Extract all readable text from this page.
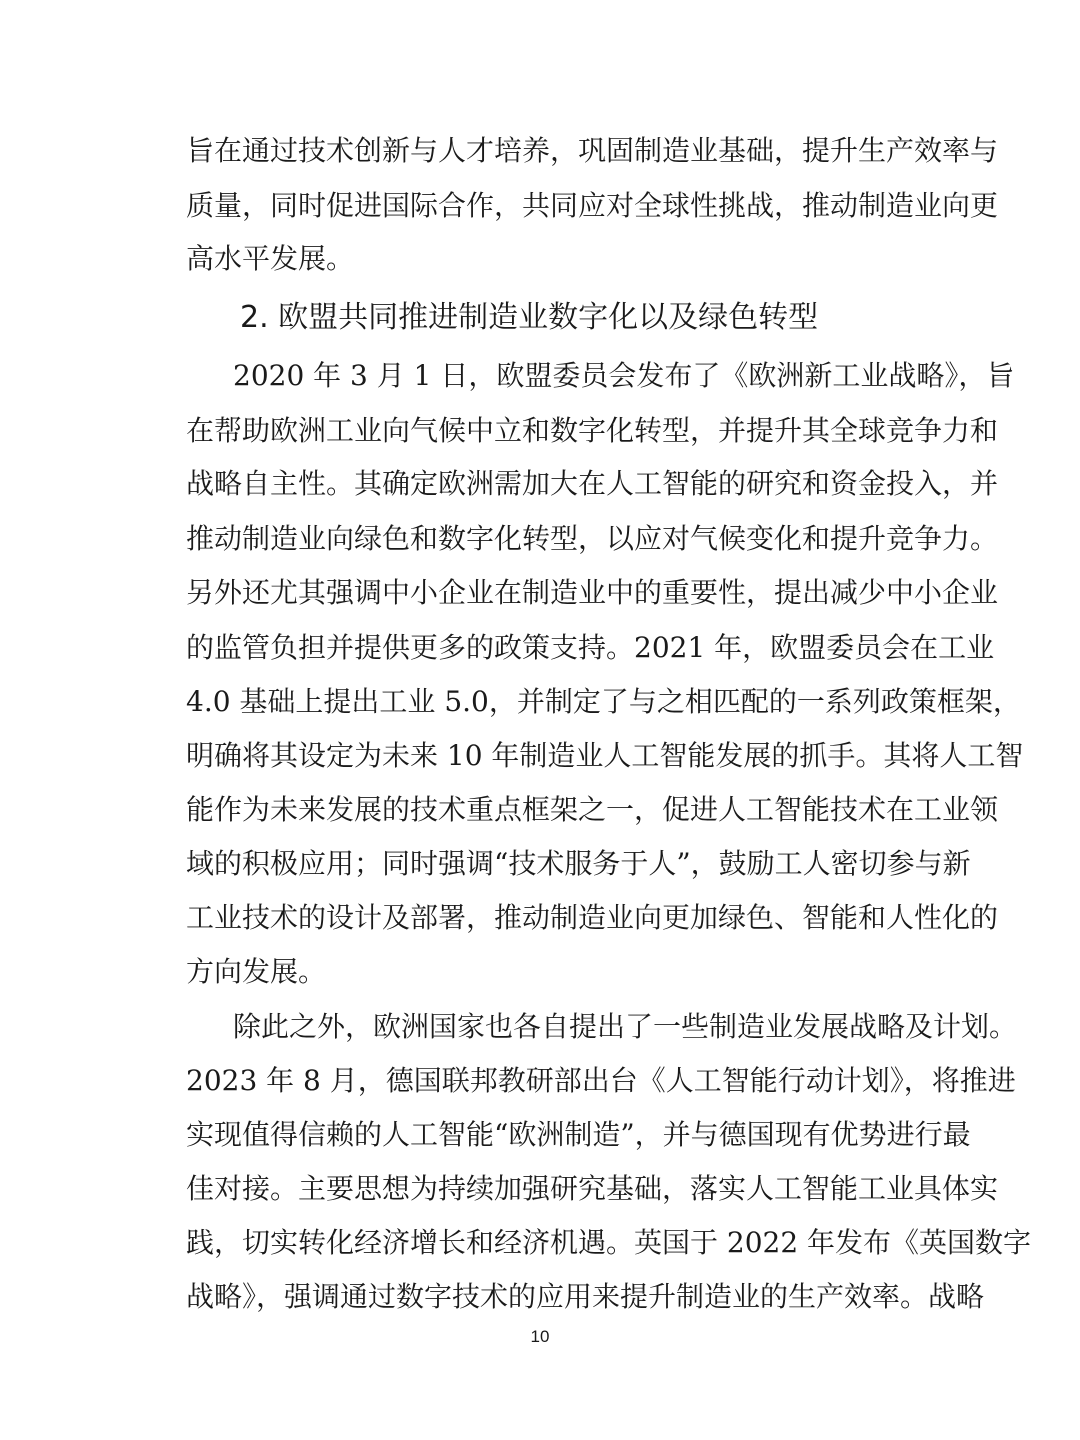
旨在通过技术创新与人才培养，巩固制造业基础，提升生产效率与
质量，同时促进国际合作，共同应对全球性挑战，推动制造业向更
高水平发展。
2. 欧盟共同推进制造业数字化以及绿色转型
2020 年 3 月 1 日，欧盟委员会发布了《欧洲新工业战略》，旨
在帮助欧洲工业向气候中立和数字化转型，并提升其全球竞争力和
战略自主性。其确定欧洲需加大在人工智能的研究和资金投入，并
推动制造业向绿色和数字化转型，以应对气候变化和提升竞争力。
另外还尤其强调中小企业在制造业中的重要性，提出减少中小企业
的监管负担并提供更多的政策支持。2021 年，欧盟委员会在工业
4.0 基础上提出工业 5.0，并制定了与之相匹配的一系列政策框架，
明确将其设定为未来 10 年制造业人工智能发展的抓手。其将人工智
能作为未来发展的技术重点框架之一，促进人工智能技术在工业领
域的积极应用；同时强调“技术服务于人”，鼓励工人密切参与新
工业技术的设计及部署，推动制造业向更加绿色、智能和人性化的
方向发展。
除此之外，欧洲国家也各自提出了一些制造业发展战略及计划。
2023 年 8 月，德国联邦教研部出台《人工智能行动计划》，将推进
实现值得信赖的人工智能“欧洲制造”，并与德国现有优势进行最
佳对接。主要思想为持续加强研究基础，落实人工智能工业具体实
践，切实转化经济增长和经济机遇。英国于 2022 年发布《英国数字
战略》，强调通过数字技术的应用来提升制造业的生产效率。战略
10
